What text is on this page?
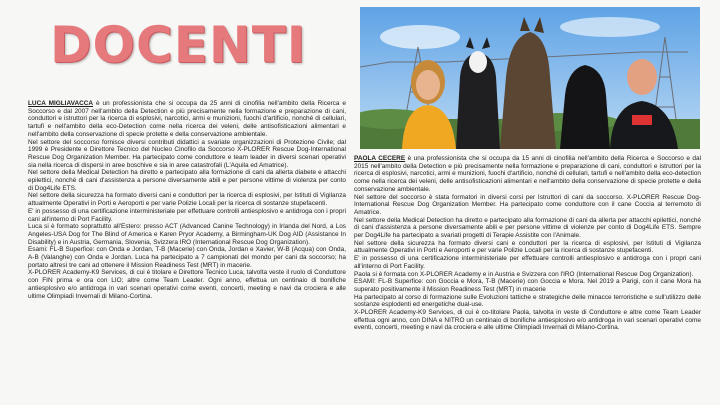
DOCENTI
LUCA MIGLIAVACCA è un professionista che si occupa da 25 anni di cinofilia nell'ambito della Ricerca e Soccorso e dal 2007 nell'ambito della Detection e più precisamente nella formazione e preparazione di cani, conduttori e istruttori per la ricerca di esplosivi, narcotici, armi e munizioni, fuochi d'artificio, nonché di cellulari, tartufi e nell'ambito della eco-Detection come nella ricerca dei veleni, delle antisofisticazioni alimentari e nell'ambito della conservazione di specie protette e della conservazione ambientale.
Nel settore del soccorso fornisce diversi contributi didattici a svariate organizzazioni di Protezione Civile; dal 1999 è Presidente e Direttore Tecnico del Nucleo Cinofilo da Soccorso X-PLORER Rescue Dog-International Rescue Dog Organization Member. Ha partecipato come conduttore e team leader in diversi scenari operativi sia nella ricerca di dispersi in aree boschive e sia in aree catastrofali (L'Aquila ed Amatrice).
Nel settore della Medical Detection ha diretto e partecipato alla formazione di cani da allerta diabete e attacchi epilettici, nonché di cani d'assistenza a persone diversamente abili e per persone vittime di violenza per conto di Dog4Life ETS.
Nel settore della sicurezza ha formato diversi cani e conduttori per la ricerca di esplosivi, per Istituti di Vigilanza attualmente Operativi in Porti e Aeroporti e per varie Polizie Locali per la ricerca di sostanze stupefacenti.
E' in possesso di una certificazione interministeriale per effettuare controlli antiesplosivo e antidroga con i propri cani all'interno di Port Facility.
Luca si è formato soprattutto all'Estero: presso ACT (Advanced Canine Technology) in Irlanda del Nord, a Los Angeles-USA Dog for The Blind of America e Karen Pryor Academy, a Birmingham-UK Dog AID (Assistance In Disability) e in Austria, Germania, Slovenia, Svizzera IRO (International Rescue Dog Organization).
Esami: FL-B Superfice: con Onda e Jordan, T-B (Macerie) con Onda, Jordan e Xavier, W-B (Acqua) con Onda, A-B (Valanghe) con Onda e Jordan. Luca ha partecipato a 7 campionati del mondo per cani da soccorso; ha portato altresì tre cani ad ottenere il Mission Readiness Test (MRT) in macerie.
X-PLORER Academy-K9 Services, di cui è titolare e Direttore Tecnico Luca, talvolta veste il ruolo di Conduttore con FIN prima e ora con LIO; altre come Team Leader. Ogni anno, effettua un centinaio di bonifiche antiesplosivo e/o antidroga in vari scenari operativi come eventi, concerti, meeting e navi da crociera e alle ultime Olimpiadi Invernali di Milano-Cortina.
PAOLA CECERE è una professionista che si occupa da 15 anni di cinofilia nell'ambito della Ricerca e Soccorso e dal 2015 nell'ambito della Detection e più precisamente nella formazione e preparazione di cani, conduttori e istruttori per la ricerca di esplosivi, narcotici, armi e munizioni, fuochi d'artificio, nonché di cellulari, tartufi e nell'ambito della eco-detection come nella ricerca dei veleni, delle antisofisticazioni alimentari e nell'ambito della conservazione di specie protette e della conservazione ambientale.
Nel settore del soccorso è stata formatori in diversi corsi per Istruttori di cani da soccorso. X-PLORER Rescue Dog-International Rescue Dog Organization Member. Ha partecipato come conduttore con il cane Coccia al terremoto di Amatrice.
Nel settore della Medical Detection ha diretto e partecipato alla formazione di cani da allerta per attacchi epilettici, nonché di cani d'assistenza a persone diversamente abili e per persone vittime di violenze per conto di Dog4Life ETS. Sempre per Dog4Life ha partecipato a svariati progetti di Terapie Assistite con l'Animale.
Nel settore della sicurezza ha formato diversi cani e conduttori per la ricerca di esplosivi, per Istituti di Vigilanza attualmente Operativi in Porti e Aeroporti e per varie Polizie Locali per la ricerca di sostanze stupefacenti.
E' in possesso di una certificazione interministeriale per effettuare controlli antiesplosivo e antidroga con i propri cani all'interno di Port Facility.
Paola si è formata con X-PLORER Academy e in Austria e Svizzera con l'IRO (International Rescue Dog Organization).
ESAMI: FL-B Superfice: con Goccia e Mora, T-B (Macerie) con Goccia e Mora. Nel 2019 a Parigi, con il cane Mora ha superato positivamente il Mission Readiness Test (MRT) in macerie
Ha partecipato al corso di formazione sulle Evoluzioni tattiche e strategiche delle minacce terroristiche e sull'utilizzo delle sostanze esplodenti ed energetiche dual-use.
X-PLORER Academy-K9 Services, di cui è co-titolare Paola, talvolta in veste di Conduttore e altre come Team Leader effettua ogni anno, con DINA e NITRO un centinaio di bonifiche antiesplosivo e/o antidroga in vari scenari operativi come eventi, concerti, meeting e navi da crociera e alle ultime Olimpiadi Invernali di Milano-Cortina.
